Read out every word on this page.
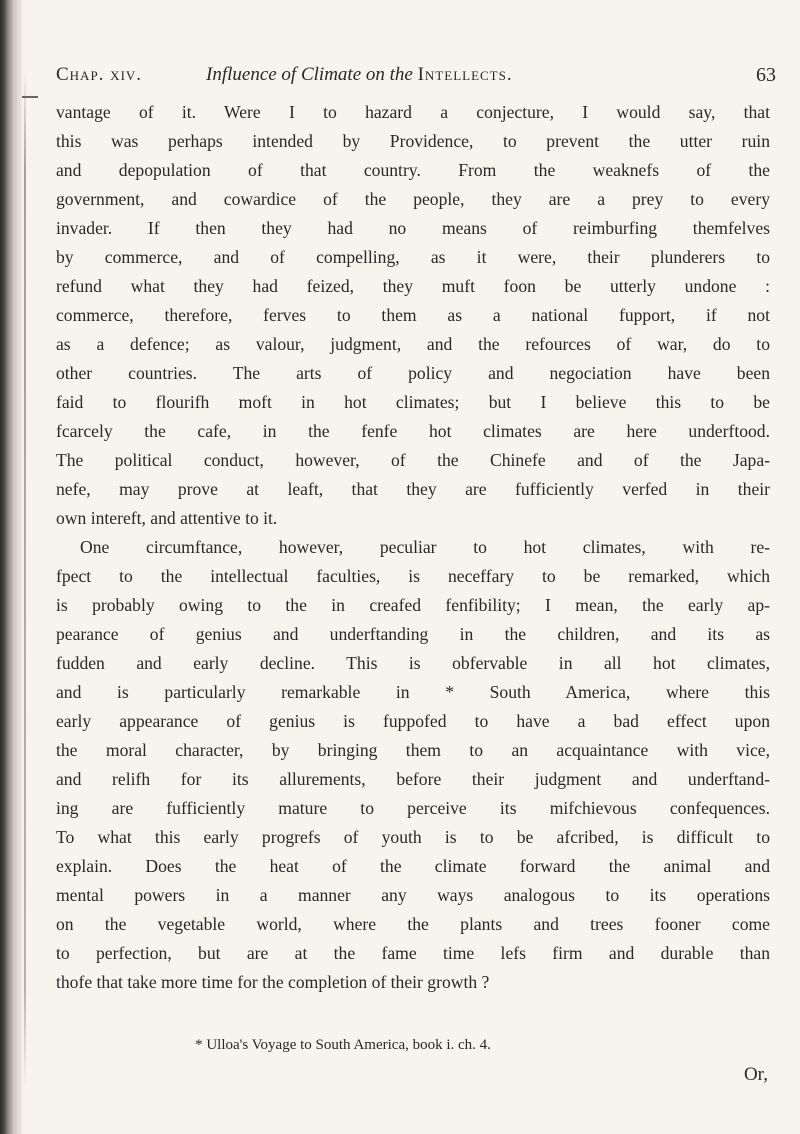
Chap. xiv.	Influence of Climate on the Intellects.	63
vantage of it. Were I to hazard a conjecture, I would say, that
this was perhaps intended by Providence, to prevent the utter ruin
and depopulation of that country. From the weaknefs of the
government, and cowardice of the people, they are a prey to every
invader. If then they had no means of reimburfing themfelves
by commerce, and of compelling, as it were, their plunderers to
refund what they had feized, they muft foon be utterly undone :
commerce, therefore, ferves to them as a national fupport, if not
as a defence; as valour, judgment, and the refources of war, do to
other countries. The arts of policy and negociation have been
faid to flourifh moft in hot climates; but I believe this to be
fcarcely the cafe, in the fenfe hot climates are here underftood.
The political conduct, however, of the Chinefe and of the Japa-
nefe, may prove at leaft, that they are fufficiently verfed in their
own intereft, and attentive to it.
One circumftance, however, peculiar to hot climates, with re-
fpect to the intellectual faculties, is neceffary to be remarked, which
is probably owing to the in creafed fenfibility; I mean, the early ap-
pearance of genius and underftanding in the children, and its as
fudden and early decline. This is obfervable in all hot climates,
and is particularly remarkable in * South America, where this
early appearance of genius is fuppofed to have a bad effect upon
the moral character, by bringing them to an acquaintance with vice,
and relifh for its allurements, before their judgment and underftand-
ing are fufficiently mature to perceive its mifchievous confequences.
To what this early progrefs of youth is to be afcribed, is difficult to
explain. Does the heat of the climate forward the animal and
mental powers in a manner any ways analogous to its operations
on the vegetable world, where the plants and trees fooner come
to perfection, but are at the fame time lefs firm and durable than
thofe that take more time for the completion of their growth ?
* Ulloa's Voyage to South America, book i. ch. 4.
Or,
